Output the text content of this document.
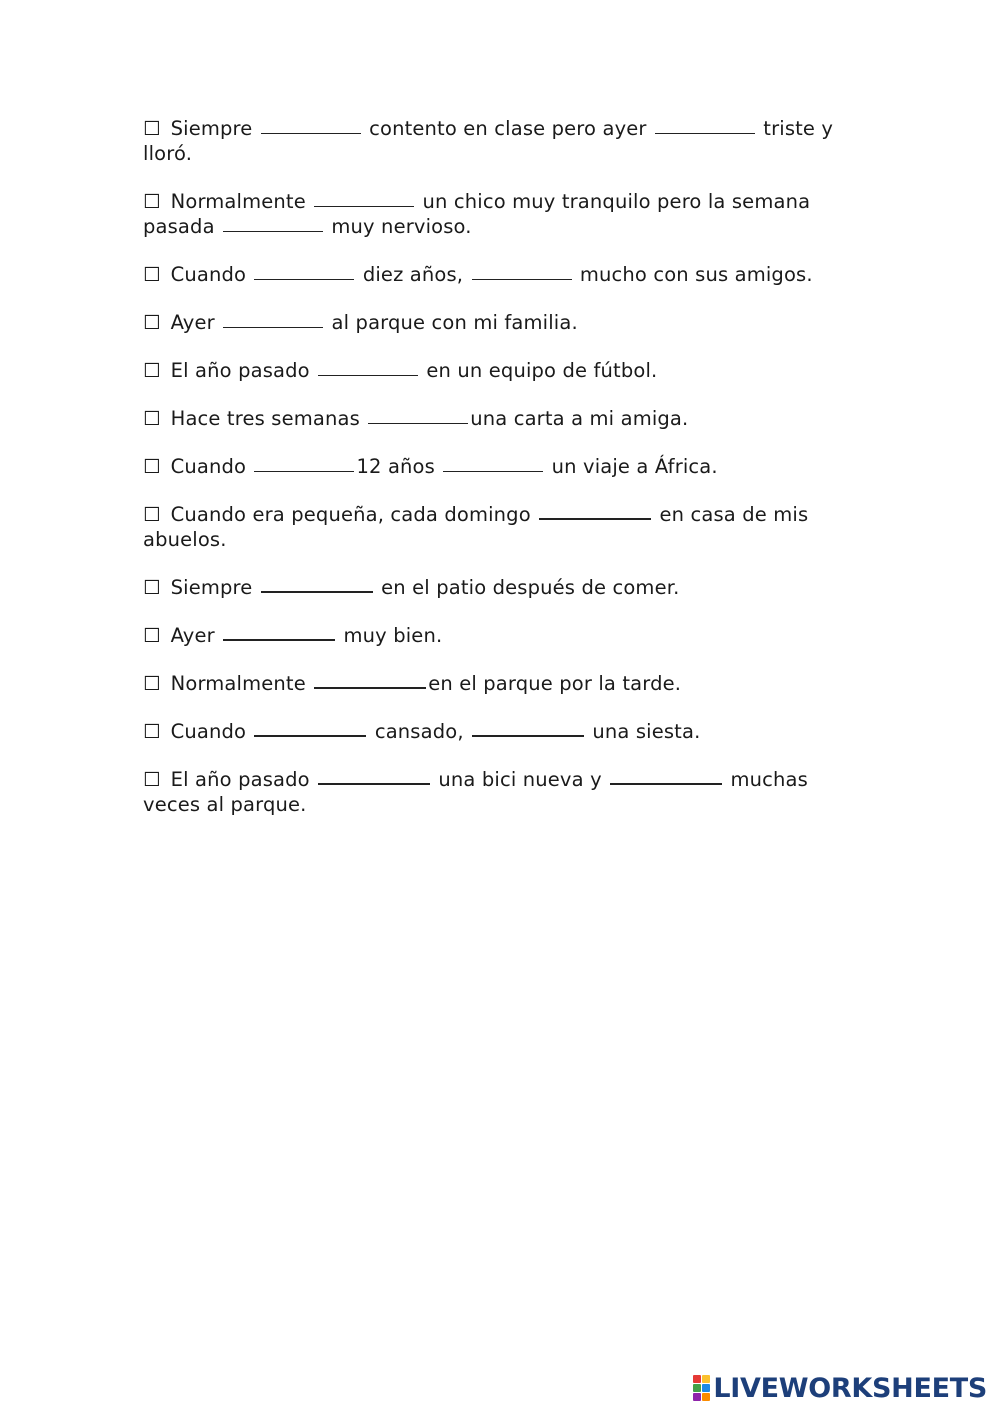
☐ Siempre	contento en clase pero ayer	triste y lloró.
☐ Normalmente	un chico muy tranquilo pero la semana pasada	muy nervioso.
☐ Cuando	diez años,	mucho con sus amigos.
☐ Ayer	al parque con mi familia.
☐ El año pasado	en un equipo de fútbol.
☐ Hace tres semanas	una carta a mi amiga.
☐ Cuando	12 años	un viaje a África.
☐ Cuando era pequeña, cada domingo	en casa de mis abuelos.
☐ Siempre	en el patio después de comer.
☐ Ayer	muy bien.
☐ Normalmente	en el parque por la tarde.
☐ Cuando	cansado,	una siesta.
☐ El año pasado	una bici nueva y	muchas veces al parque.
LIVEWORKSHEETS
